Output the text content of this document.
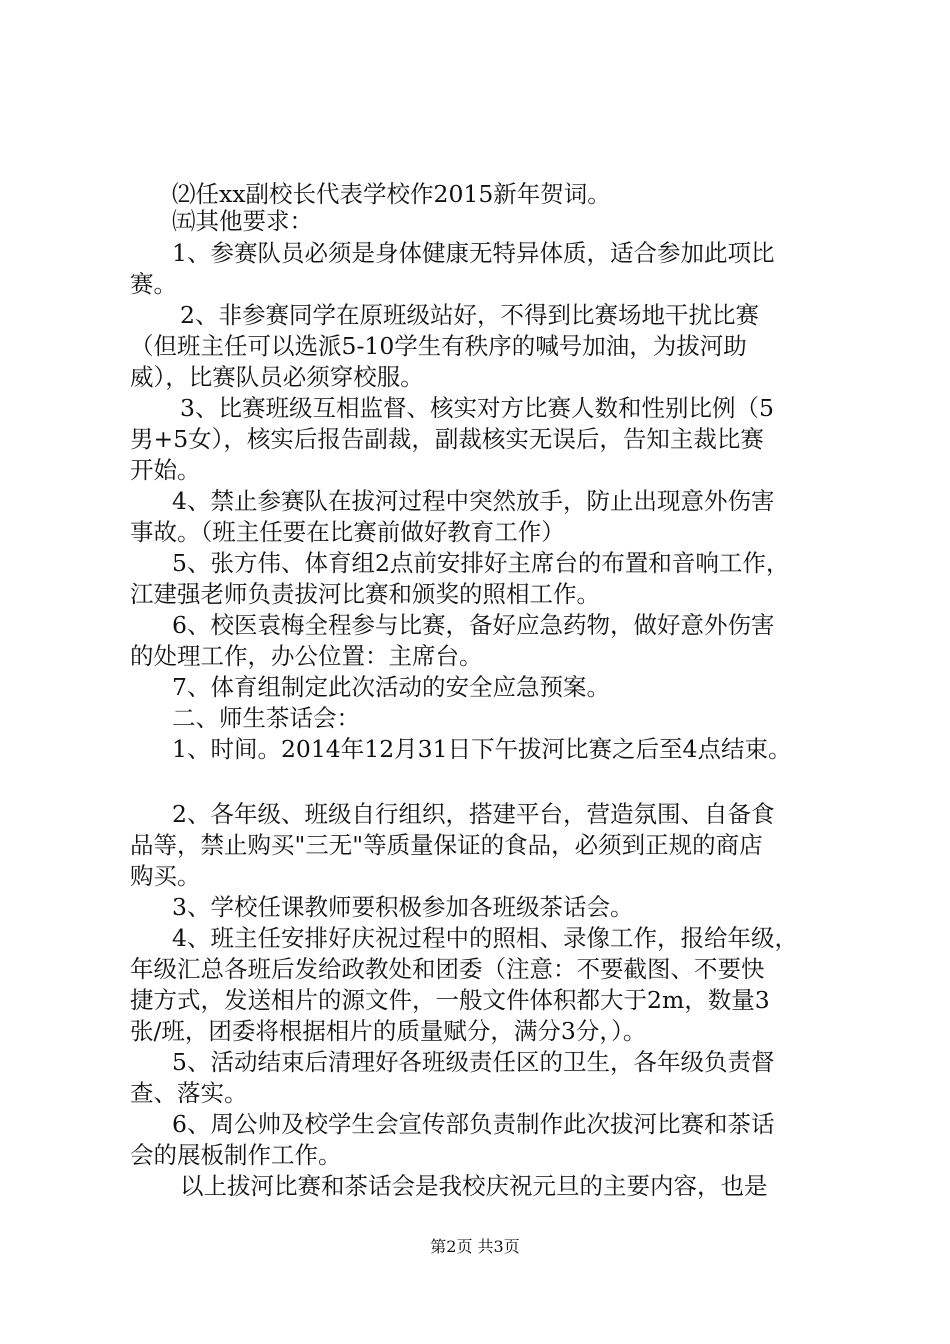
⑵任xx副校长代表学校作2015新年贺词。
㈤其他要求：
1、参赛队员必须是身体健康无特异体质，适合参加此项比
赛。
2、非参赛同学在原班级站好，不得到比赛场地干扰比赛
（但班主任可以选派5-10学生有秩序的喊号加油，为拔河助
威），比赛队员必须穿校服。
3、比赛班级互相监督、核实对方比赛人数和性别比例（5
男+5女），核实后报告副裁，副裁核实无误后，告知主裁比赛
开始。
4、禁止参赛队在拔河过程中突然放手，防止出现意外伤害
事故。（班主任要在比赛前做好教育工作）
5、张方伟、体育组2点前安排好主席台的布置和音响工作，
江建强老师负责拔河比赛和颁奖的照相工作。
6、校医袁梅全程参与比赛，备好应急药物，做好意外伤害
的处理工作，办公位置：主席台。
7、体育组制定此次活动的安全应急预案。
二、师生茶话会：
1、时间。2014年12月31日下午拔河比赛之后至4点结束。
2、各年级、班级自行组织，搭建平台，营造氛围、自备食
品等，禁止购买"三无"等质量保证的食品，必须到正规的商店
购买。
3、学校任课教师要积极参加各班级茶话会。
4、班主任安排好庆祝过程中的照相、录像工作，报给年级，
年级汇总各班后发给政教处和团委（注意：不要截图、不要快
捷方式，发送相片的源文件，一般文件体积都大于2m，数量3
张/班，团委将根据相片的质量赋分，满分3分，）。
5、活动结束后清理好各班级责任区的卫生，各年级负责督
查、落实。
6、周公帅及校学生会宣传部负责制作此次拔河比赛和茶话
会的展板制作工作。
以上拔河比赛和茶话会是我校庆祝元旦的主要内容，也是
第2页 共3页
